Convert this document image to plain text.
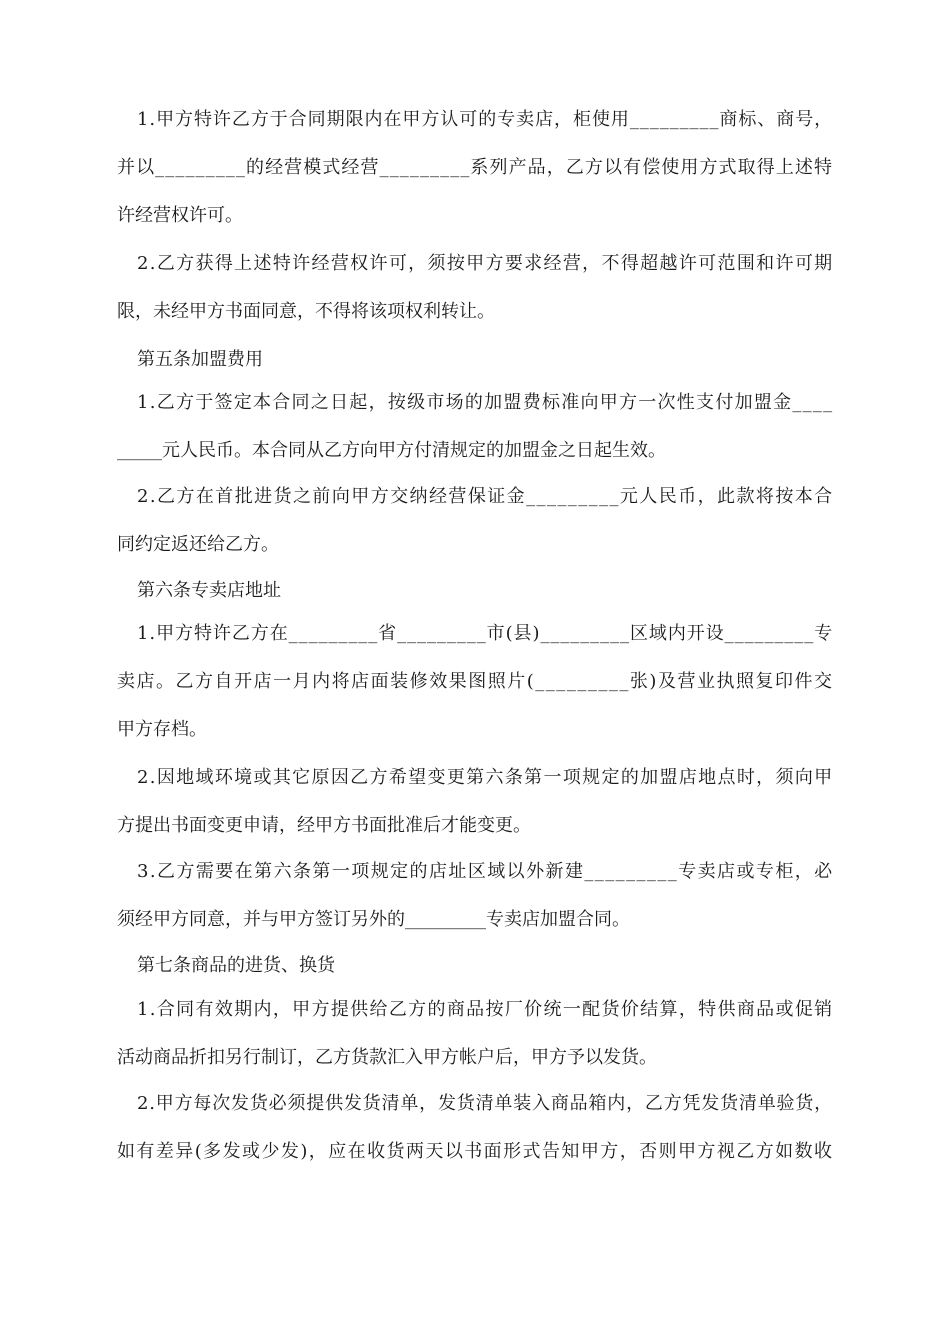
1.甲方特许乙方于合同期限内在甲方认可的专卖店，柜使用_________商标、商号，
并以_________的经营模式经营_________系列产品，乙方以有偿使用方式取得上述特
许经营权许可。
2.乙方获得上述特许经营权许可，须按甲方要求经营，不得超越许可范围和许可期
限，未经甲方书面同意，不得将该项权利转让。
第五条加盟费用
1.乙方于签定本合同之日起，按级市场的加盟费标准向甲方一次性支付加盟金____
_____元人民币。本合同从乙方向甲方付清规定的加盟金之日起生效。
2.乙方在首批进货之前向甲方交纳经营保证金_________元人民币，此款将按本合
同约定返还给乙方。
第六条专卖店地址
1.甲方特许乙方在_________省_________市(县)_________区域内开设_________专
卖店。乙方自开店一月内将店面装修效果图照片(_________张)及营业执照复印件交
甲方存档。
2.因地域环境或其它原因乙方希望变更第六条第一项规定的加盟店地点时，须向甲
方提出书面变更申请，经甲方书面批准后才能变更。
3.乙方需要在第六条第一项规定的店址区域以外新建_________专卖店或专柜，必
须经甲方同意，并与甲方签订另外的_________专卖店加盟合同。
第七条商品的进货、换货
1.合同有效期内，甲方提供给乙方的商品按厂价统一配货价结算，特供商品或促销
活动商品折扣另行制订，乙方货款汇入甲方帐户后，甲方予以发货。
2.甲方每次发货必须提供发货清单，发货清单装入商品箱内，乙方凭发货清单验货，
如有差异(多发或少发)，应在收货两天以书面形式告知甲方，否则甲方视乙方如数收
